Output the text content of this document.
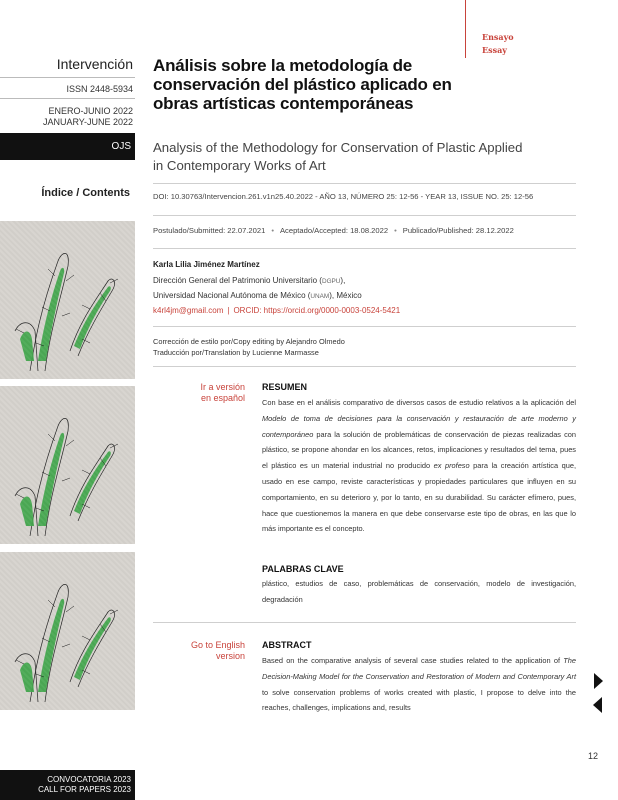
Intervención
ISSN 2448-5934
ENERO-JUNIO 2022
JANUARY-JUNE 2022
OJS
Índice / Contents
CONVOCATORIA 2023
CALL FOR PAPERS 2023
Ensayo
Essay
Análisis sobre la metodología de conservación del plástico aplicado en obras artísticas contemporáneas
Analysis of the Methodology for Conservation of Plastic Applied in Contemporary Works of Art
DOI: 10.30763/Intervencion.261.v1n25.40.2022 - AÑO 13, NÚMERO 25: 12-56 - YEAR 13, ISSUE NO. 25: 12-56
Postulado/Submitted: 22.07.2021 • Aceptado/Accepted: 18.08.2022 • Publicado/Published: 28.12.2022
Karla Lilia Jiménez Martínez
Dirección General del Patrimonio Universitario (DGPU),
Universidad Nacional Autónoma de México (UNAM), México
k4rl4jm@gmail.com | ORCID: https://orcid.org/0000-0003-0524-5421
Corrección de estilo por/Copy editing by Alejandro Olmedo
Traducción por/Translation by Lucienne Marmasse
Ir a versión
en español
RESUMEN
Con base en el análisis comparativo de diversos casos de estudio relativos a la aplicación del Modelo de toma de decisiones para la conservación y restauración de arte moderno y contemporáneo para la solución de problemáticas de conservación de piezas realizadas con plástico, se propone ahondar en los alcances, retos, implicaciones y resultados del tema, pues el plástico es un material industrial no producido ex profeso para la creación artística que, usado en ese campo, reviste características y propiedades particulares que influyen en su comportamiento, en su deterioro y, por lo tanto, en su durabilidad. Su carácter efímero, pues, hace que cuestionemos la manera en que debe conservarse este tipo de obras, en las que lo más importante es el concepto.
PALABRAS CLAVE
plástico, estudios de caso, problemáticas de conservación, modelo de investigación, degradación
Go to English
version
ABSTRACT
Based on the comparative analysis of several case studies related to the application of The Decision-Making Model for the Conservation and Restoration of Modern and Contemporary Art to solve conservation problems of works created with plastic, I propose to delve into the reaches, challenges, implications and, results
12
